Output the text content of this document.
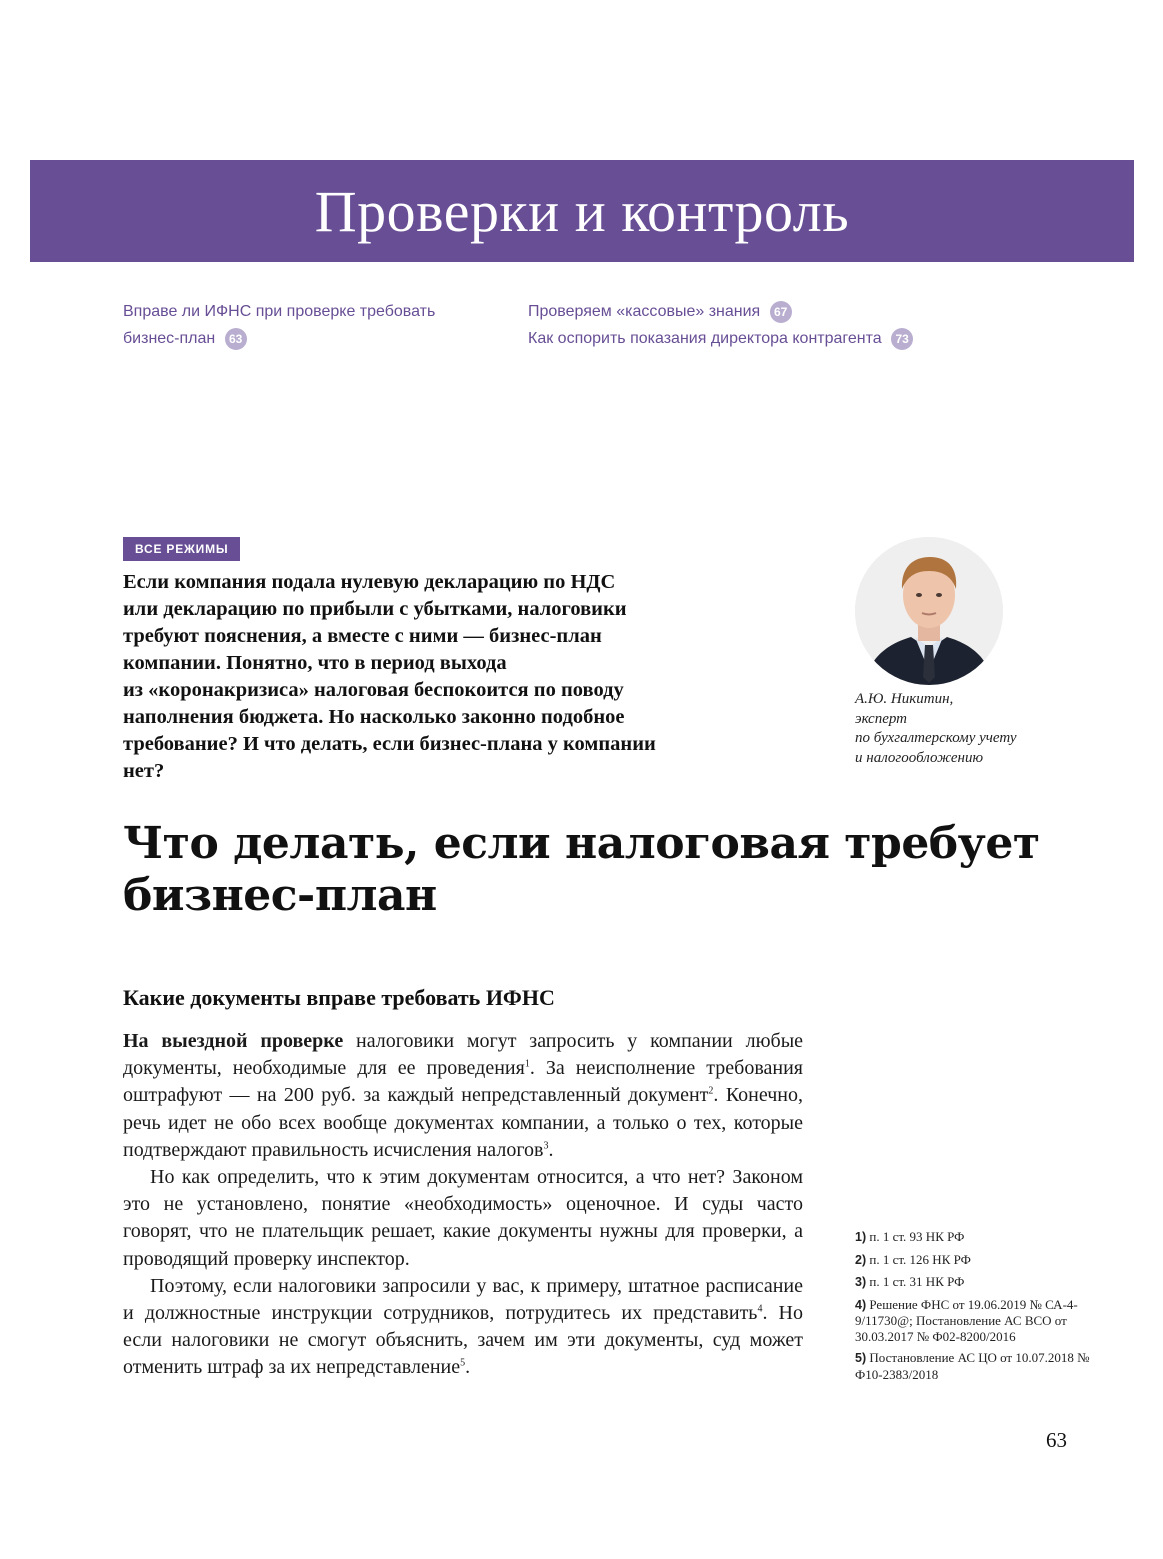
Проверки и контроль
Вправе ли ИФНС при проверке требовать
бизнес-план 63
Проверяем «кассовые» знания 67
Как оспорить показания директора контрагента 73
ВСЕ РЕЖИМЫ

Если компания подала нулевую декларацию по НДС
или декларацию по прибыли с убытками, налоговики
требуют пояснения, а вместе с ними — бизнес-план
компании. Понятно, что в период выхода
из «коронакризиса» налоговая беспокоится по поводу
наполнения бюджета. Но насколько законно подобное
требование? И что делать, если бизнес-плана у компании
нет?

А.Ю. Никитин,
эксперт
по бухгалтерскому учету
и налогообложению
Что делать, если налоговая требует
бизнес-план
Какие документы вправе требовать ИФНС

На выездной проверке налоговики могут запросить у компании любые документы, необходимые для ее проведения$^1$. За неисполнение требования оштрафуют — на 200 руб. за каждый непредставленный документ$^2$. Конечно, речь идет не обо всех вообще документах компании, а только о тех, которые подтверждают правильность исчисления налогов$^3$.

Но как определить, что к этим документам относится, а что нет? Законом это не установлено, понятие «необходимость» оценочное. И суды часто говорят, что не плательщик решает, какие документы нужны для проверки, а проводящий проверку инспектор.

Поэтому, если налоговики запросили у вас, к примеру, штатное расписание и должностные инструкции сотрудников, потрудитесь их представить$^4$. Но если налоговики не смогут объяснить, зачем им эти документы, суд может отменить штраф за их непредставление$^5$.

1) п. 1 ст. 93 НК РФ
2) п. 1 ст. 126 НК РФ
3) п. 1 ст. 31 НК РФ
4) Решение ФНС от 19.06.2019 № СА-4-9/11730@; Постановление АС ВСО от 30.03.2017 № Ф02-8200/2016
5) Постановление АС ЦО от 10.07.2018 № Ф10-2383/2018
63
